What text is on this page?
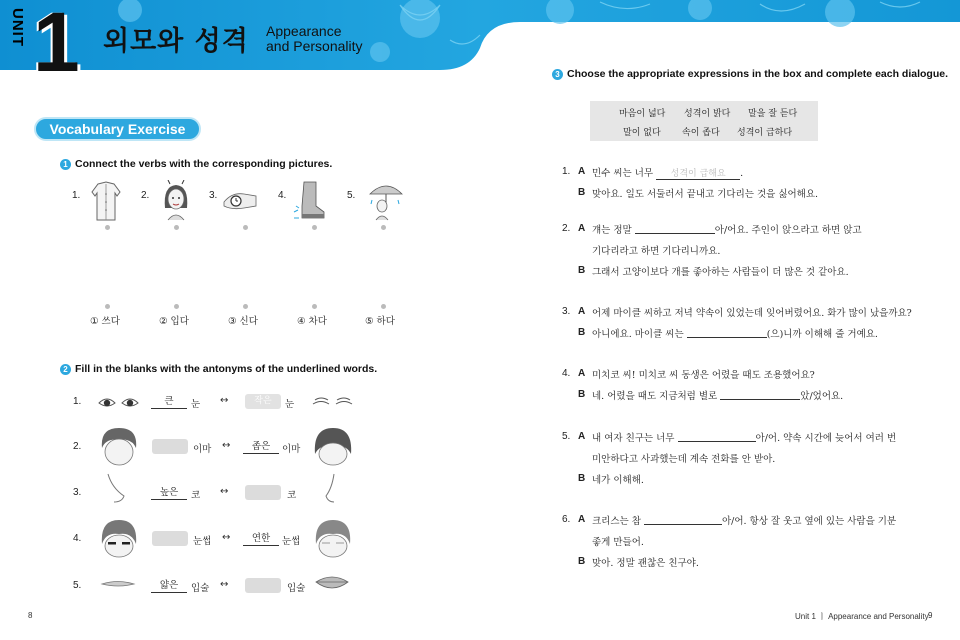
UNIT 1 외모와 성격 Appearance
and Personality
Vocabulary Exercise
1 Connect the verbs with the corresponding pictures.
1.	2.	3.	4.	5.
① 쓰다	② 입다	③ 신다	④ 차다	⑤ 하다
2 Fill in the blanks with the antonyms of the underlined words.
1.	큰	눈 ↔	작은	눈
2.	이마 ↔	좁은	이마
3.	높은	코 ↔	코
4.	눈썹 ↔	연한	눈썹
5.	얇은	입술 ↔	입술
8
3 Choose the appropriate expressions in the box and complete each dialogue.
마음이 넓다 성격이 밝다 말을 잘 듣다
말이 없다 속이 좁다 성격이 급하다
1. A 민수 씨는 너무 성격이 급해요 .
B 맞아요. 일도 서둘러서 끝내고 기다리는 것을 싫어해요.
2. A 걔는 정말	아/어요. 주인이 앉으라고 하면 앉고
기다리라고 하면 기다리니까요.
B 그래서 고양이보다 개를 좋아하는 사람들이 더 많은 것 같아요.
3. A 어제 마이클 씨하고 저녁 약속이 있었는데 잊어버렸어요. 화가 많이 났을까요?
B 아니에요. 마이클 씨는	(으)니까 이해해 줄 거예요.
4. A 미치코 씨! 미치코 씨 동생은 어렸을 때도 조용했어요?
B 네. 어렸을 때도 지금처럼 별로	았/었어요.
5. A 내 여자 친구는 너무	아/어. 약속 시간에 늦어서 여러 번
미안하다고 사과했는데 계속 전화를 안 받아.
B 네가 이해해.
6. A 크리스는 참	아/어. 항상 잘 웃고 옆에 있는 사람을 기분
좋게 만들어.
B 맞아. 정말 괜찮은 친구야.
Unit 1 ㅣ Appearance and Personality 9
